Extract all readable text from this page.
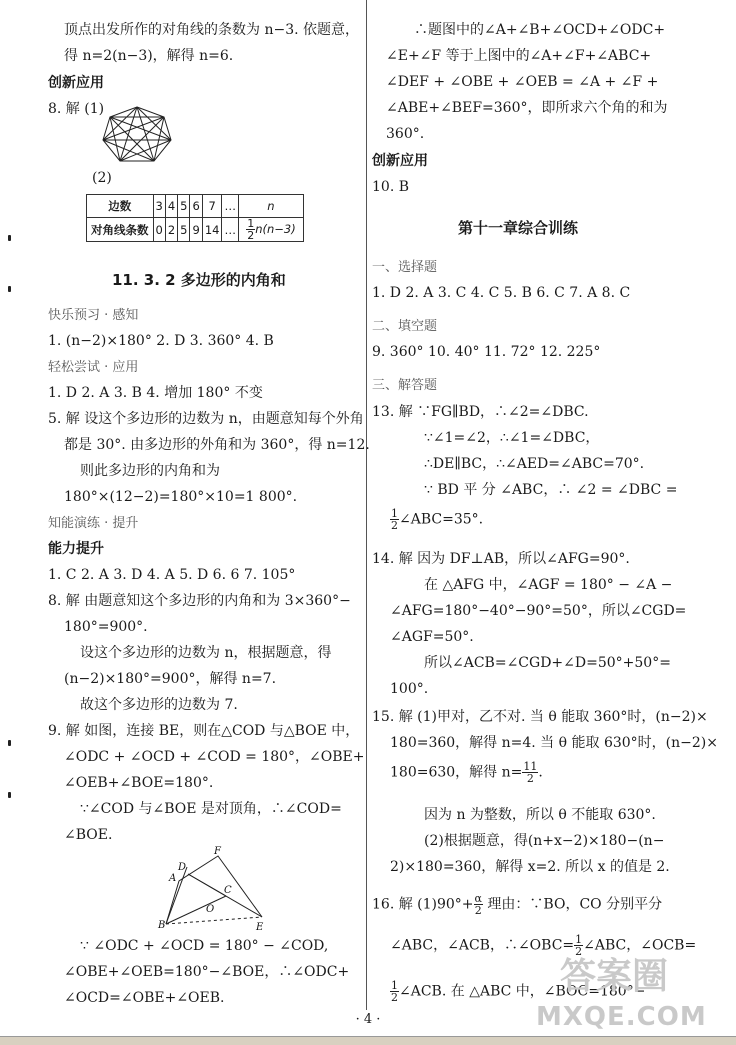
顶点出发所作的对角线的条数为 n−3. 依题意，
得 n=2(n−3)，解得 n=6.
创新应用
8. 解 (1)
(2)
边数	3	4	5	6	7	…	n
对角线条数	0	2	5	9	14	…	$\frac{1}{2} n(n-3)$
11. 3. 2 多边形的内角和
快乐预习 · 感知
1. (n−2)×180° 2. D 3. 360° 4. B
轻松尝试 · 应用
1. D 2. A 3. B 4. 增加 180° 不变
5. 解 设这个多边形的边数为 n，由题意知每个外角
都是 30°. 由多边形的外角和为 360°，得 n=12.
则此多边形的内角和为
180°×(12−2)=180°×10=1 800°.
知能演练 · 提升
能力提升
1. C 2. A 3. D 4. A 5. D 6. 6 7. 105°
8. 解 由题意知这个多边形的内角和为 3×360°−
180°=900°.
设这个多边形的边数为 n，根据题意，得
(n−2)×180°=900°，解得 n=7.
故这个多边形的边数为 7.
9. 解 如图，连接 BE，则在△COD 与△BOE 中，
∠ODC + ∠OCD + ∠COD = 180°，∠OBE+
∠OEB+∠BOE=180°.
∵∠COD 与∠BOE 是对顶角，∴∠COD=
∠BOE.
A
B
C
D
E
F
O
∵ ∠ODC + ∠OCD = 180° − ∠COD,
∠OBE+∠OEB=180°−∠BOE，∴∠ODC+
∠OCD=∠OBE+∠OEB.
∴题图中的∠A+∠B+∠OCD+∠ODC+
∠E+∠F 等于上图中的∠A+∠F+∠ABC+
∠DEF + ∠OBE + ∠OEB = ∠A + ∠F +
∠ABE+∠BEF=360°，即所求六个角的和为
360°.
创新应用
10. B
第十一章综合训练
一、选择题
1. D 2. A 3. C 4. C 5. B 6. C 7. A 8. C
二、填空题
9. 360° 10. 40° 11. 72° 12. 225°
三、解答题
13. 解 ∵FG∥BD，∴∠2=∠DBC.
∵∠1=∠2，∴∠1=∠DBC，
∴DE∥BC，∴∠AED=∠ABC=70°.
∵ BD 平 分 ∠ABC，∴ ∠2 = ∠DBC =
$\frac{1}{2}$ ∠ABC=35°.
14. 解 因为 DF⊥AB，所以∠AFG=90°.
在 △AFG 中，∠AGF = 180° − ∠A −
∠AFG=180°−40°−90°=50°，所以∠CGD=
∠AGF=50°.
所以∠ACB=∠CGD+∠D=50°+50°=
100°.
15. 解 (1)甲对，乙不对. 当 θ 能取 360°时，(n−2)×
180=360，解得 n=4. 当 θ 能取 630°时，(n−2)×
180=630，解得 $n= \frac{11}{2}$ .
因为 n 为整数，所以 θ 不能取 630°.
(2)根据题意，得(n+x−2)×180−(n−
2)×180=360，解得 x=2. 所以 x 的值是 2.
16. 解 $(1)90^\circ+ \frac{\alpha}{2}$ 理由：∵BO，CO 分别平分
∠ABC，∠ACB，∴∠OBC= $\frac{1}{2}$ ∠ABC，∠OCB=
$\frac{1}{2}$ ∠ACB. 在 △ABC 中，∠BOC=180°−
答案圈
MXQE.COM
· 4 ·
